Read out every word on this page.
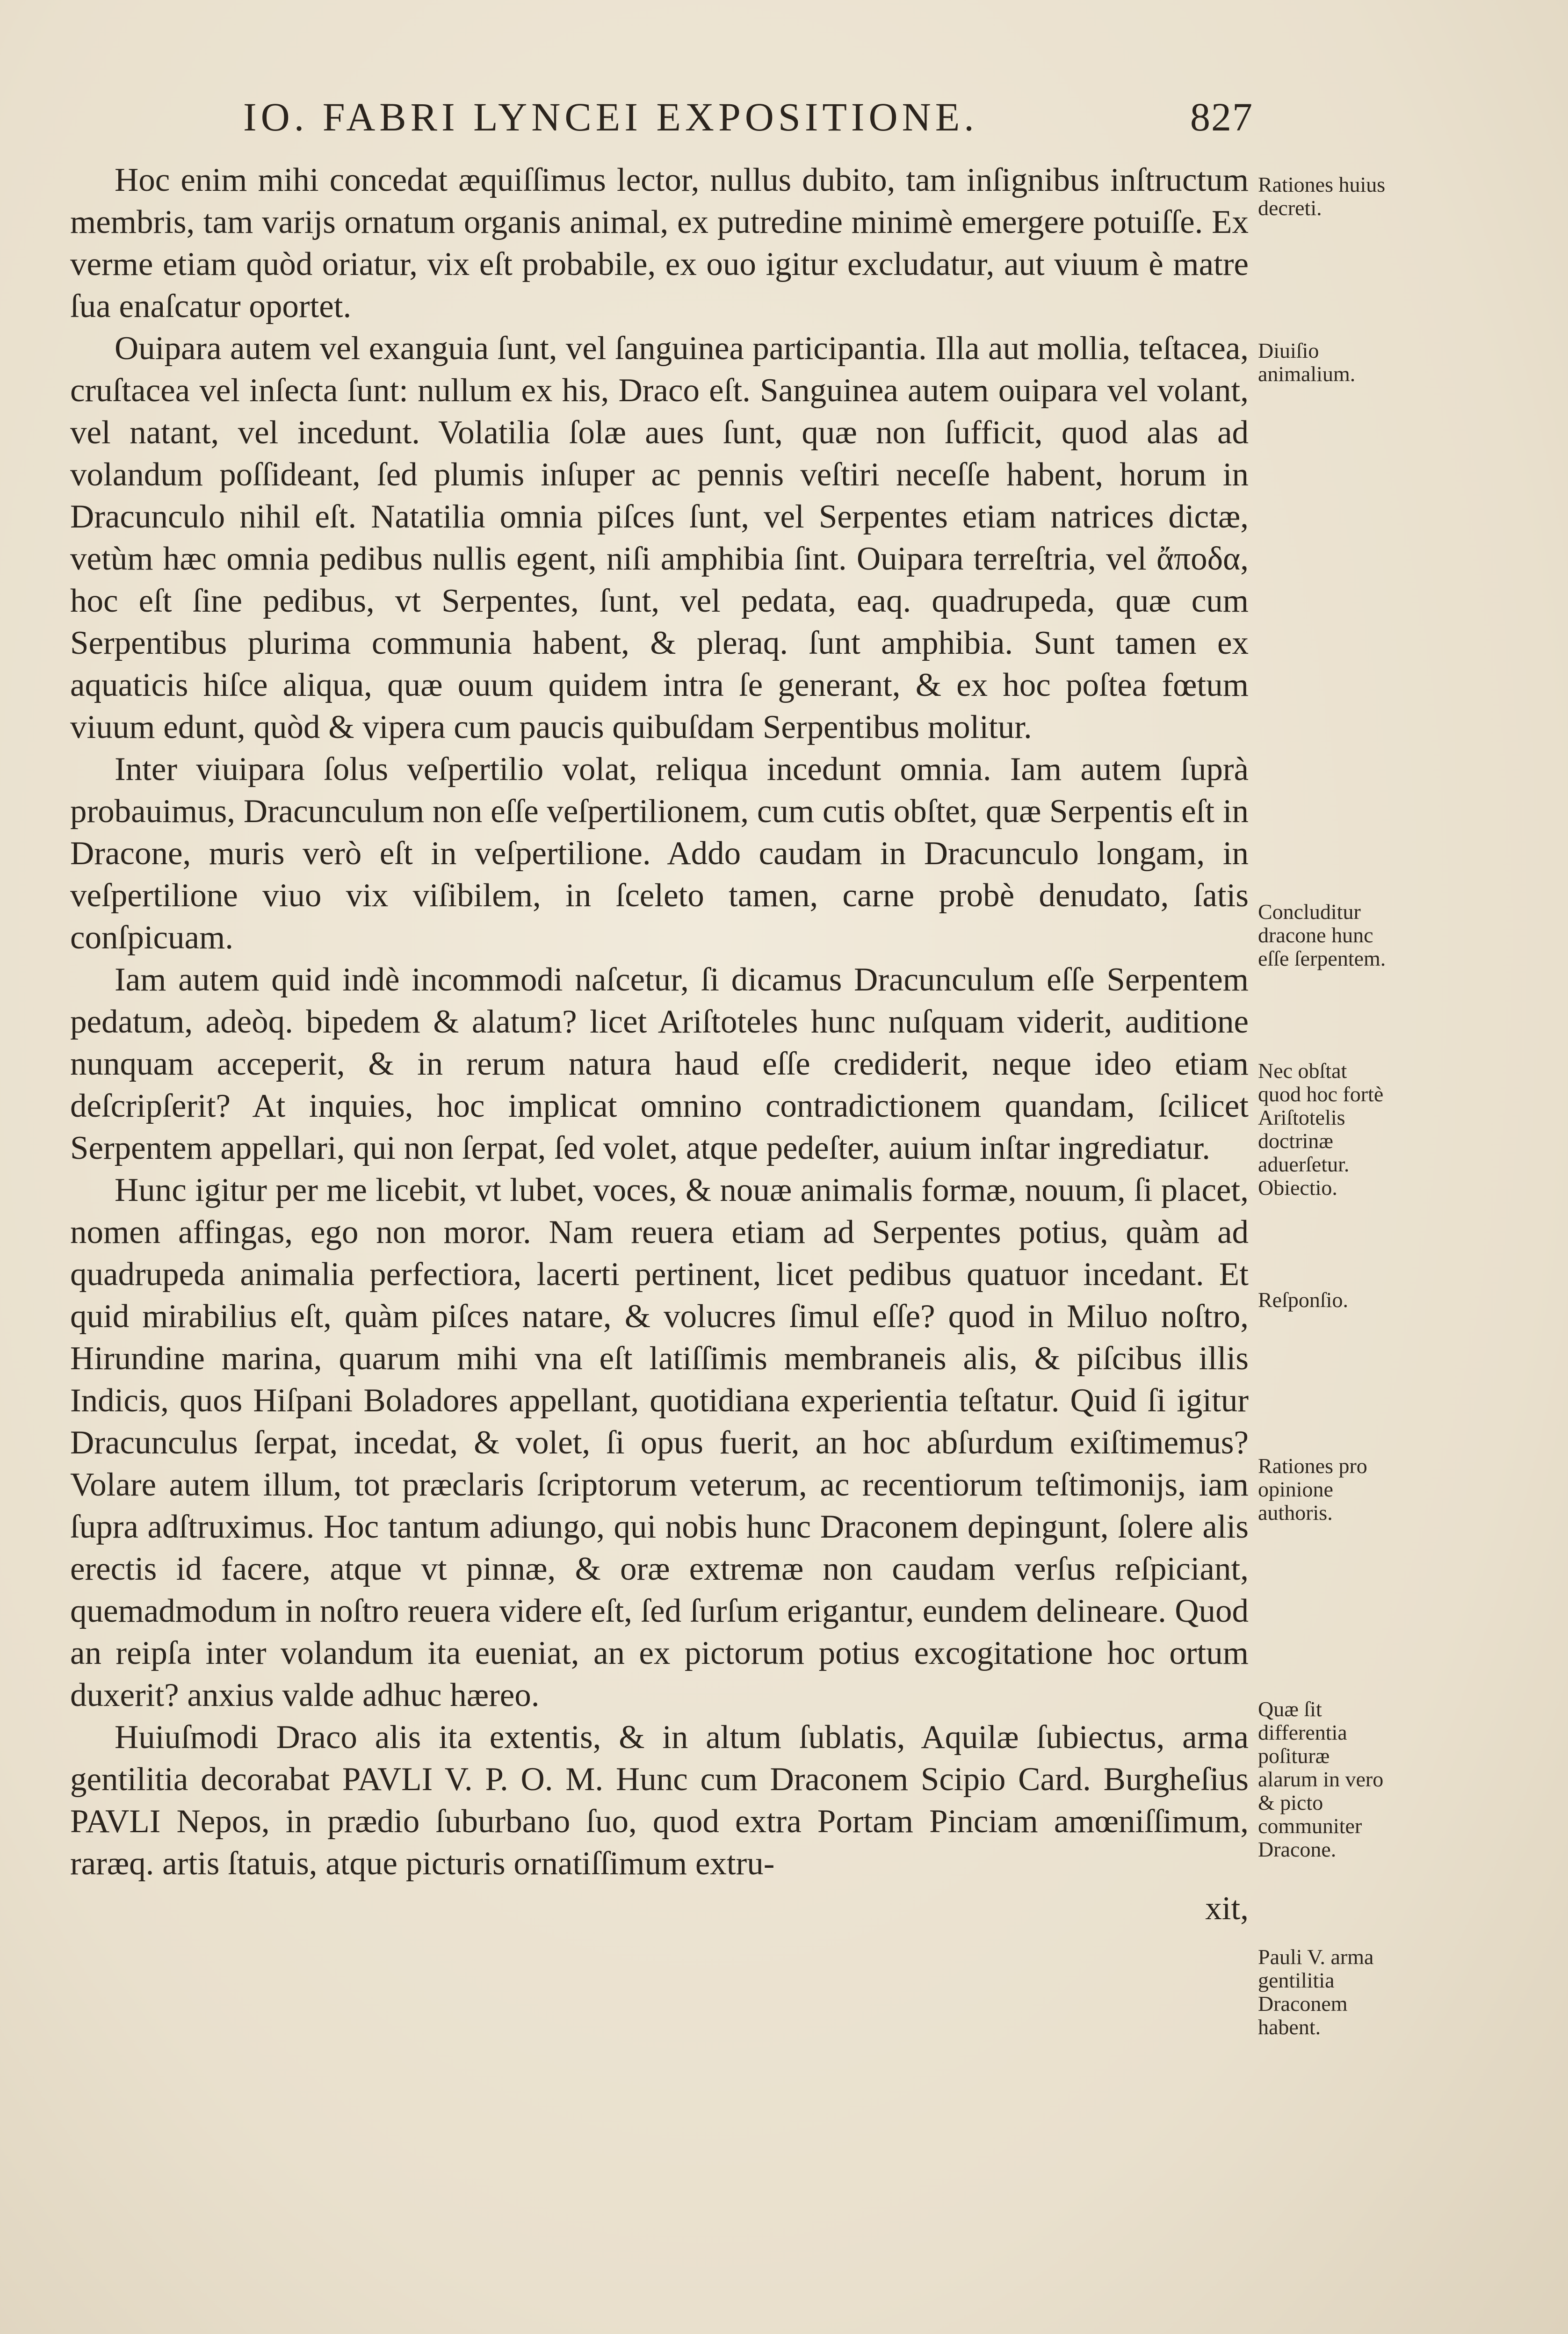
IO. FABRI LYNCEI EXPOSITIONE.	827

Hoc enim mihi concedat æquiſſimus lector, nullus dubito, tam inſignibus inſtructum membris, tam varijs ornatum organis animal, ex putredine minimè emergere potuiſſe. Ex verme etiam quòd oriatur, vix eſt probabile, ex ouo igitur excludatur, aut viuum è matre ſua enaſcatur oportet.

Ouipara autem vel exanguia ſunt, vel ſanguinea participantia. Illa aut mollia, teſtacea, cruſtacea vel inſecta ſunt: nullum ex his, Draco eſt. Sanguinea autem ouipara vel volant, vel natant, vel incedunt. Volatilia ſolæ aues ſunt, quæ non ſufficit, quod alas ad volandum poſſideant, ſed plumis inſuper ac pennis veſtiri neceſſe habent, horum in Dracunculo nihil eſt. Natatilia omnia piſces ſunt, vel Serpentes etiam natrices dictæ, vetùm hæc omnia pedibus nullis egent, niſi amphibia ſint. Ouipara terreſtria, vel ἄποδα, hoc eſt ſine pedibus, vt Serpentes, ſunt, vel pedata, eaq. quadrupeda, quæ cum Serpentibus plurima communia habent, & pleraq. ſunt amphibia. Sunt tamen ex aquaticis hiſce aliqua, quæ ouum quidem intra ſe generant, & ex hoc poſtea fœtum viuum edunt, quòd & vipera cum paucis quibuſdam Serpentibus molitur.

Inter viuipara ſolus veſpertilio volat, reliqua incedunt omnia. Iam autem ſuprà probauimus, Dracunculum non eſſe veſpertilionem, cum cutis obſtet, quæ Serpentis eſt in Dracone, muris verò eſt in veſpertilione. Addo caudam in Dracunculo longam, in veſpertilione viuo vix viſibilem, in ſceleto tamen, carne probè denudato, ſatis conſpicuam.

Iam autem quid indè incommodi naſcetur, ſi dicamus Dracunculum eſſe Serpentem pedatum, adeòq. bipedem & alatum? licet Ariſtoteles hunc nuſquam viderit, auditione nunquam acceperit, & in rerum natura haud eſſe crediderit, neque ideo etiam deſcripſerit? At inquies, hoc implicat omnino contradictionem quandam, ſcilicet Serpentem appellari, qui non ſerpat, ſed volet, atque pedeſter, auium inſtar ingrediatur.

Hunc igitur per me licebit, vt lubet, voces, & nouæ animalis formæ, nouum, ſi placet, nomen affingas, ego non moror. Nam reuera etiam ad Serpentes potius, quàm ad quadrupeda animalia perfectiora, lacerti pertinent, licet pedibus quatuor incedant. Et quid mirabilius eſt, quàm piſces natare, & volucres ſimul eſſe? quod in Miluo noſtro, Hirundine marina, quarum mihi vna eſt latiſſimis membraneis alis, & piſcibus illis Indicis, quos Hiſpani Boladores appellant, quotidiana experientia teſtatur. Quid ſi igitur Dracunculus ſerpat, incedat, & volet, ſi opus fuerit, an hoc abſurdum exiſtimemus? Volare autem illum, tot præclaris ſcriptorum veterum, ac recentiorum teſtimonijs, iam ſupra adſtruximus. Hoc tantum adiungo, qui nobis hunc Draconem depingunt, ſolere alis erectis id facere, atque vt pinnæ, & oræ extremæ non caudam verſus reſpiciant, quemadmodum in noſtro reuera videre eſt, ſed ſurſum erigantur, eundem delineare. Quod an reipſa inter volandum ita eueniat, an ex pictorum potius excogitatione hoc ortum duxerit? anxius valde adhuc hæreo.

Huiuſmodi Draco alis ita extentis, & in altum ſublatis, Aquilæ ſubiectus, arma gentilitia decorabat PAVLI V. P. O. M. Hunc cum Draconem Scipio Card. Burgheſius PAVLI Nepos, in prædio ſuburbano ſuo, quod extra Portam Pinciam amœniſſimum, raræq. artis ſtatuis, atque picturis ornatiſſimum extru-

xit,

Rationes huius decreti.
Diuiſio animalium.
Concluditur dracone hunc eſſe ſerpentem.
Nec obſtat quod hoc fortè Ariſtotelis doctrinæ aduerſetur. Obiectio.
Reſponſio.
Rationes pro opinione authoris.
Quæ ſit differentia poſituræ alarum in vero & picto communiter Dracone.
Pauli V. arma gentilitia Draconem habent.
